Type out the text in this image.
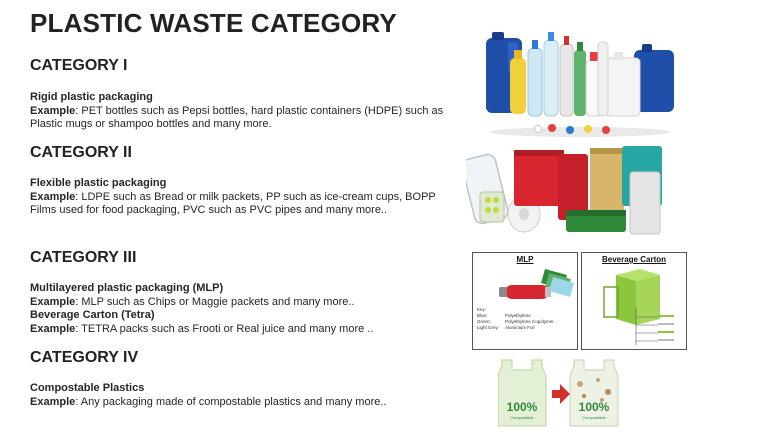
PLASTIC WASTE CATEGORY
CATEGORY I
Rigid plastic packaging
Example: PET bottles such as Pepsi bottles, hard plastic containers (HDPE) such as Plastic mugs or shampoo bottles and many more.
CATEGORY II
Flexible plastic packaging
Example: LDPE such as Bread or milk packets, PP such as ice-cream cups, BOPP Films used for food packaging, PVC such as PVC pipes and many more..
CATEGORY III
Multilayered plastic packaging (MLP)
Example: MLP such as Chips or Maggie packets and many more..
Beverage Carton (Tetra)
Example: TETRA packs such as Frooti or Real juice and many more ..
CATEGORY IV
Compostable Plastics
Example: Any packaging made of compostable plastics and many more..
MLP
Key:
Blue:	Polyethylene
Green:	Polyethylene Copolymer
Light Grey:	Aluminium Foil
Beverage Carton
100%
Compostable
100%
Compostable
